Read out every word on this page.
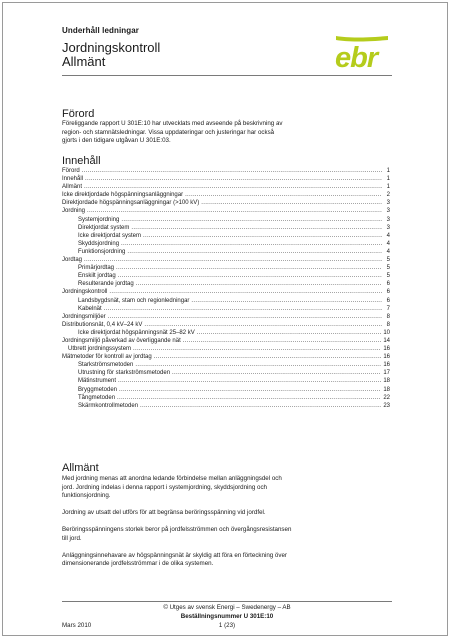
Underhåll ledningar
Jordningskontroll
Allmänt	ebr
Förord

Föreliggande rapport U 301E:10 har utvecklats med avseende på beskrivning av
region- och stamnätsledningar. Vissa uppdateringar och justeringar har också
gjorts i den tidigare utgåvan U 301E:03.

Innehåll
Förord .....	1
Innehåll .....	1
Allmänt .....	1
Icke direktjordade högspänningsanläggningar .....	2
Direktjordade högspänningsanläggningar (>100 kV) .....	3
Jordning .....	3
Systemjordning .....	3
Direktjordat system .....	3
Icke direktjordat system .....	4
Skyddsjordning .....	4
Funktionsjordning .....	4
Jordtag .....	5
Primärjordtag .....	5
Enskilt jordtag .....	5
Resulterande jordtag .....	6
Jordningskontroll .....	6
Landsbygdsnät, stam och regionledningar .....	6
Kabelnät .....	7
Jordningsmiljöer .....	8
Distributionsnät, 0,4 kV–24 kV .....	8
Icke direktjordat högspänningsnät 25–82 kV .....	10
Jordningsmiljö påverkad av överliggande nät .....	14
Utbrett jordningssystem .....	16
Mätmetoder för kontroll av jordtag .....	16
Starkströmsmetoden .....	16
Utrustning för starkströmsmetoden .....	17
Mätinstrument .....	18
Bryggmetoden .....	18
Tångmetoden .....	22
Skärmkontrollmetoden .....	23
Allmänt

Med jordning menas att anordna ledande förbindelse mellan anläggningsdel och
jord. Jordning indelas i denna rapport i systemjordning, skyddsjordning och
funktionsjordning.

Jordning av utsatt del utförs för att begränsa beröringsspänning vid jordfel.

Beröringsspänningens storlek beror på jordfelsströmmen och övergångsresistansen
till jord.

Anläggningsinnehavare av högspänningsnät är skyldig att föra en förteckning över
dimensionerande jordfelsströmmar i de olika systemen.

© Utges av svensk Energi – Swedenergy – AB
Beställningsnummer U 301E:10
Mars 2010	1 (23)
